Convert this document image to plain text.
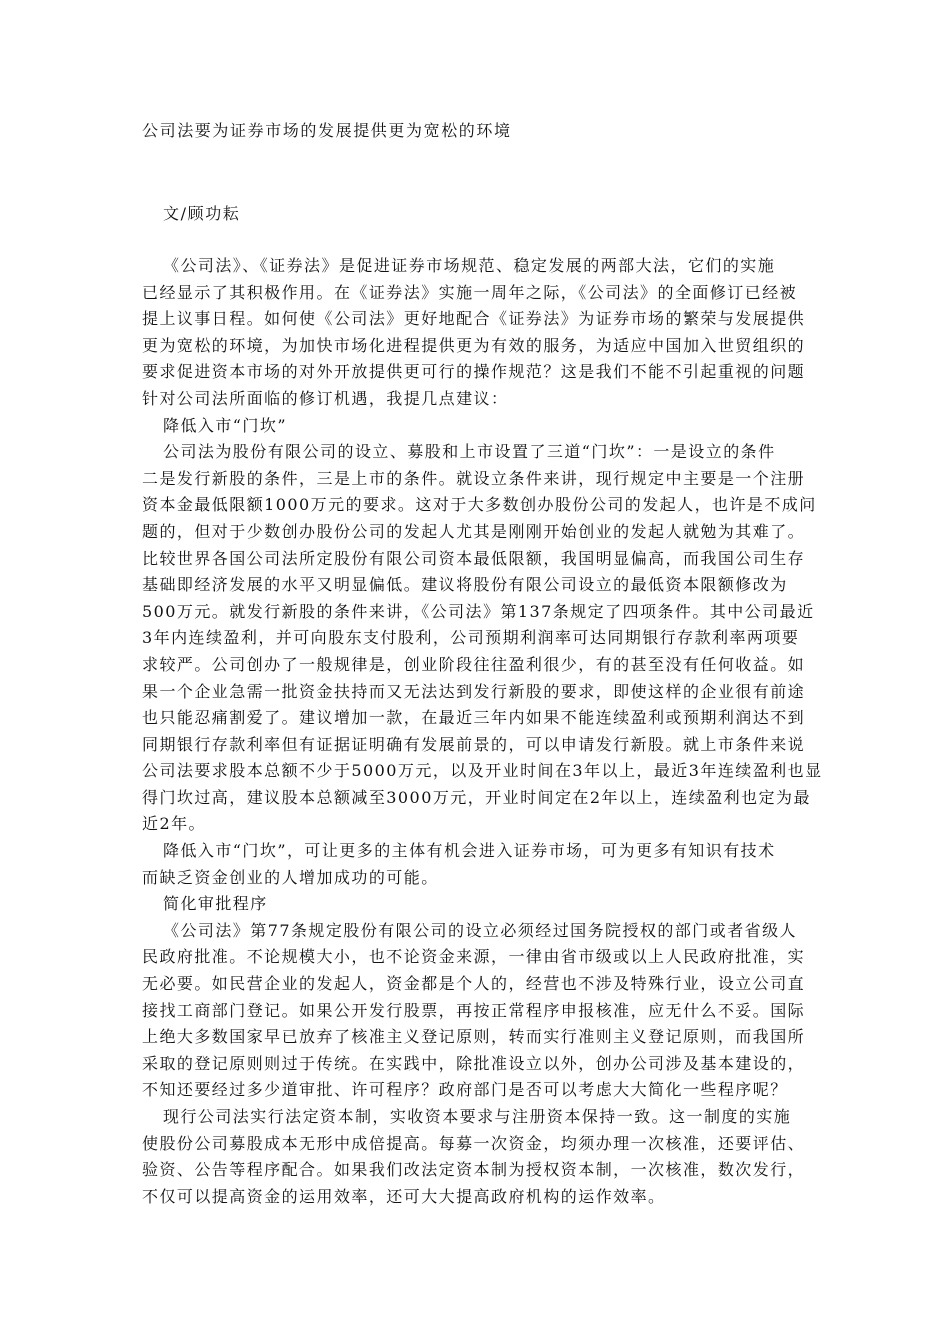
公司法要为证券市场的发展提供更为宽松的环境
文/顾功耘
《公司法》、《证券法》是促进证券市场规范、稳定发展的两部大法，它们的实施
已经显示了其积极作用。在《证券法》实施一周年之际，《公司法》的全面修订已经被
提上议事日程。如何使《公司法》更好地配合《证券法》为证券市场的繁荣与发展提供
更为宽松的环境，为加快市场化进程提供更为有效的服务，为适应中国加入世贸组织的
要求促进资本市场的对外开放提供更可行的操作规范？这是我们不能不引起重视的问题
针对公司法所面临的修订机遇，我提几点建议：
降低入市“门坎”
公司法为股份有限公司的设立、募股和上市设置了三道“门坎”：一是设立的条件
二是发行新股的条件，三是上市的条件。就设立条件来讲，现行规定中主要是一个注册
资本金最低限额1000万元的要求。这对于大多数创办股份公司的发起人，也许是不成问
题的，但对于少数创办股份公司的发起人尤其是刚刚开始创业的发起人就勉为其难了。
比较世界各国公司法所定股份有限公司资本最低限额，我国明显偏高，而我国公司生存
基础即经济发展的水平又明显偏低。建议将股份有限公司设立的最低资本限额修改为
500万元。就发行新股的条件来讲，《公司法》第137条规定了四项条件。其中公司最近
3年内连续盈利，并可向股东支付股利，公司预期利润率可达同期银行存款利率两项要
求较严。公司创办了一般规律是，创业阶段往往盈利很少，有的甚至没有任何收益。如
果一个企业急需一批资金扶持而又无法达到发行新股的要求，即使这样的企业很有前途
也只能忍痛割爱了。建议增加一款，在最近三年内如果不能连续盈利或预期利润达不到
同期银行存款利率但有证据证明确有发展前景的，可以申请发行新股。就上市条件来说
公司法要求股本总额不少于5000万元，以及开业时间在3年以上，最近3年连续盈利也显
得门坎过高，建议股本总额减至3000万元，开业时间定在2年以上，连续盈利也定为最
近2年。
降低入市“门坎”，可让更多的主体有机会进入证券市场，可为更多有知识有技术
而缺乏资金创业的人增加成功的可能。
简化审批程序
《公司法》第77条规定股份有限公司的设立必须经过国务院授权的部门或者省级人
民政府批准。不论规模大小，也不论资金来源，一律由省市级或以上人民政府批准，实
无必要。如民营企业的发起人，资金都是个人的，经营也不涉及特殊行业，设立公司直
接找工商部门登记。如果公开发行股票，再按正常程序申报核准，应无什么不妥。国际
上绝大多数国家早已放弃了核准主义登记原则，转而实行准则主义登记原则，而我国所
采取的登记原则则过于传统。在实践中，除批准设立以外，创办公司涉及基本建设的，
不知还要经过多少道审批、许可程序？政府部门是否可以考虑大大简化一些程序呢？
现行公司法实行法定资本制，实收资本要求与注册资本保持一致。这一制度的实施
使股份公司募股成本无形中成倍提高。每募一次资金，均须办理一次核准，还要评估、
验资、公告等程序配合。如果我们改法定资本制为授权资本制，一次核准，数次发行，
不仅可以提高资金的运用效率，还可大大提高政府机构的运作效率。
